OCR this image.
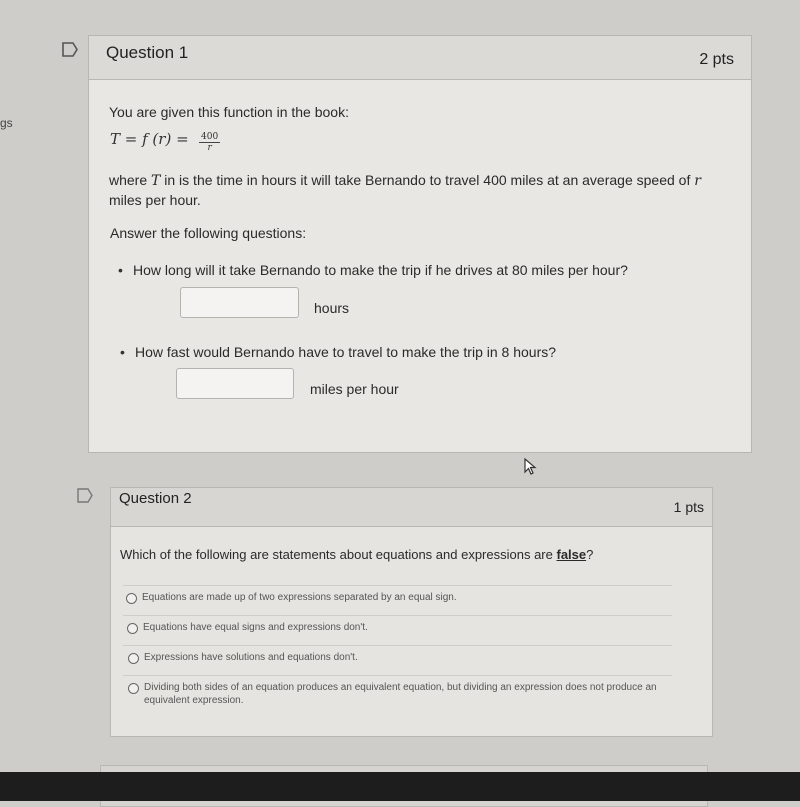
gs
Question 1	2 pts
You are given this function in the book:
T = f $(r) = \frac{400}{r}$
where T in is the time in hours it will take Bernando to travel 400 miles at an average speed of r
miles per hour.
Answer the following questions:
• How long will it take Bernando to make the trip if he drives at 80 miles per hour?
hours
• How fast would Bernando have to travel to make the trip in 8 hours?
miles per hour
Question 2	1 pts
Which of the following are statements about equations and expressions are false?
Equations are made up of two expressions separated by an equal sign.
Equations have equal signs and expressions don't.
Expressions have solutions and equations don't.
Dividing both sides of an equation produces an equivalent equation, but dividing an expression does not produce an equivalent expression.
